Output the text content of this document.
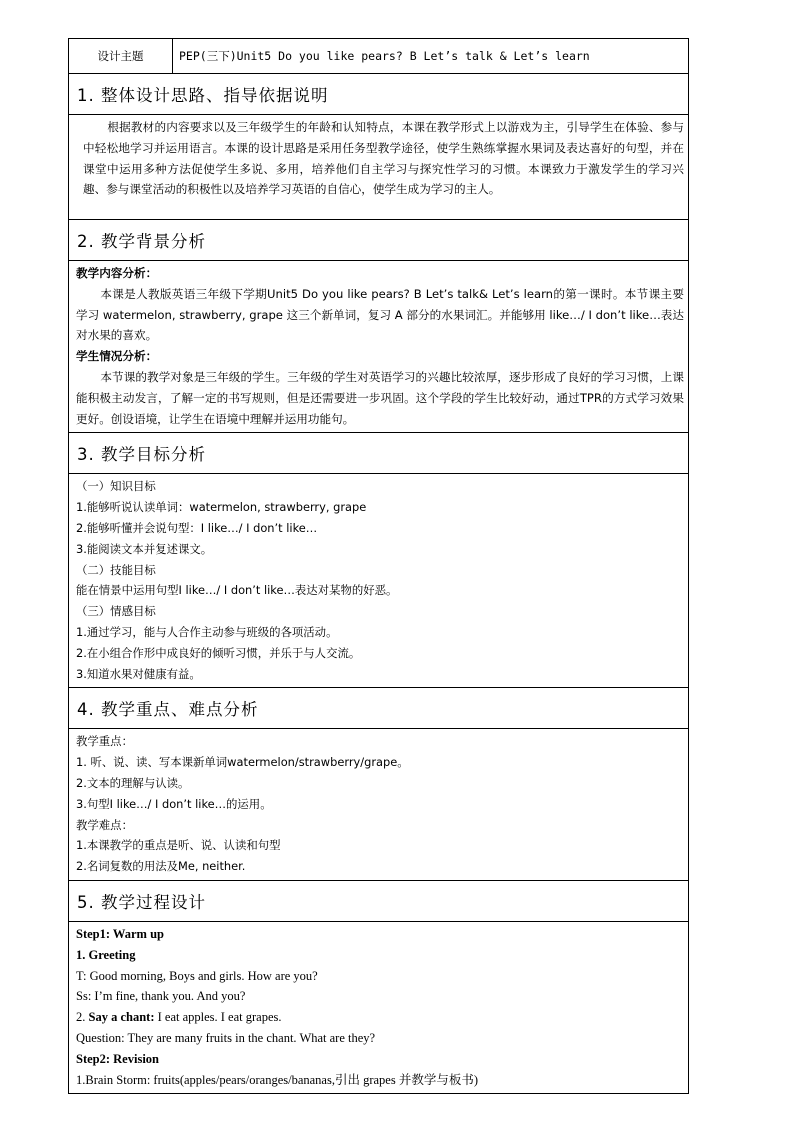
设计主题	PEP(三下)Unit5 Do you like pears? B Let’s talk & Let’s learn
1. 整体设计思路、指导依据说明

根据教材的内容要求以及三年级学生的年龄和认知特点，本课在教学形式上以游戏为主，引导学生在体验、参与中轻松地学习并运用语言。本课的设计思路是采用任务型教学途径，使学生熟练掌握水果词及表达喜好的句型，并在课堂中运用多种方法促使学生多说、多用，培养他们自主学习与探究性学习的习惯。本课致力于激发学生的学习兴趣、参与课堂活动的积极性以及培养学习英语的自信心，使学生成为学习的主人。

2. 教学背景分析

教学内容分析：

本课是人教版英语三年级下学期Unit5 Do you like pears? B Let’s talk& Let’s learn的第一课时。本节课主要学习 watermelon, strawberry, grape 这三个新单词，复习 A 部分的水果词汇。并能够用 like…/ I don’t like…表达对水果的喜欢。

学生情况分析：

本节课的教学对象是三年级的学生。三年级的学生对英语学习的兴趣比较浓厚，逐步形成了良好的学习习惯，上课能积极主动发言，了解一定的书写规则，但是还需要进一步巩固。这个学段的学生比较好动，通过TPR的方式学习效果更好。创设语境，让学生在语境中理解并运用功能句。

3. 教学目标分析

（一）知识目标

1.能够听说认读单词：watermelon, strawberry, grape

2.能够听懂并会说句型：I like…/ I don’t like…

3.能阅读文本并复述课文。

（二）技能目标

能在情景中运用句型I like…/ I don’t like…表达对某物的好恶。

（三）情感目标

1.通过学习，能与人合作主动参与班级的各项活动。

2.在小组合作形中成良好的倾听习惯，并乐于与人交流。

3.知道水果对健康有益。

4. 教学重点、难点分析

教学重点：

1. 听、说、读、写本课新单词watermelon/strawberry/grape。

2.文本的理解与认读。

3.句型I like…/ I don’t like…的运用。

教学难点：

1.本课教学的重点是听、说、认读和句型

2.名词复数的用法及Me, neither.

5. 教学过程设计

Step1: Warm up

1. Greeting

T: Good morning, Boys and girls. How are you?

Ss: I’m fine, thank you. And you?

2. Say a chant: I eat apples. I eat grapes.

Question: They are many fruits in the chant. What are they?

Step2: Revision

1.Brain Storm: fruits(apples/pears/oranges/bananas,引出 grapes 并教学与板书)
